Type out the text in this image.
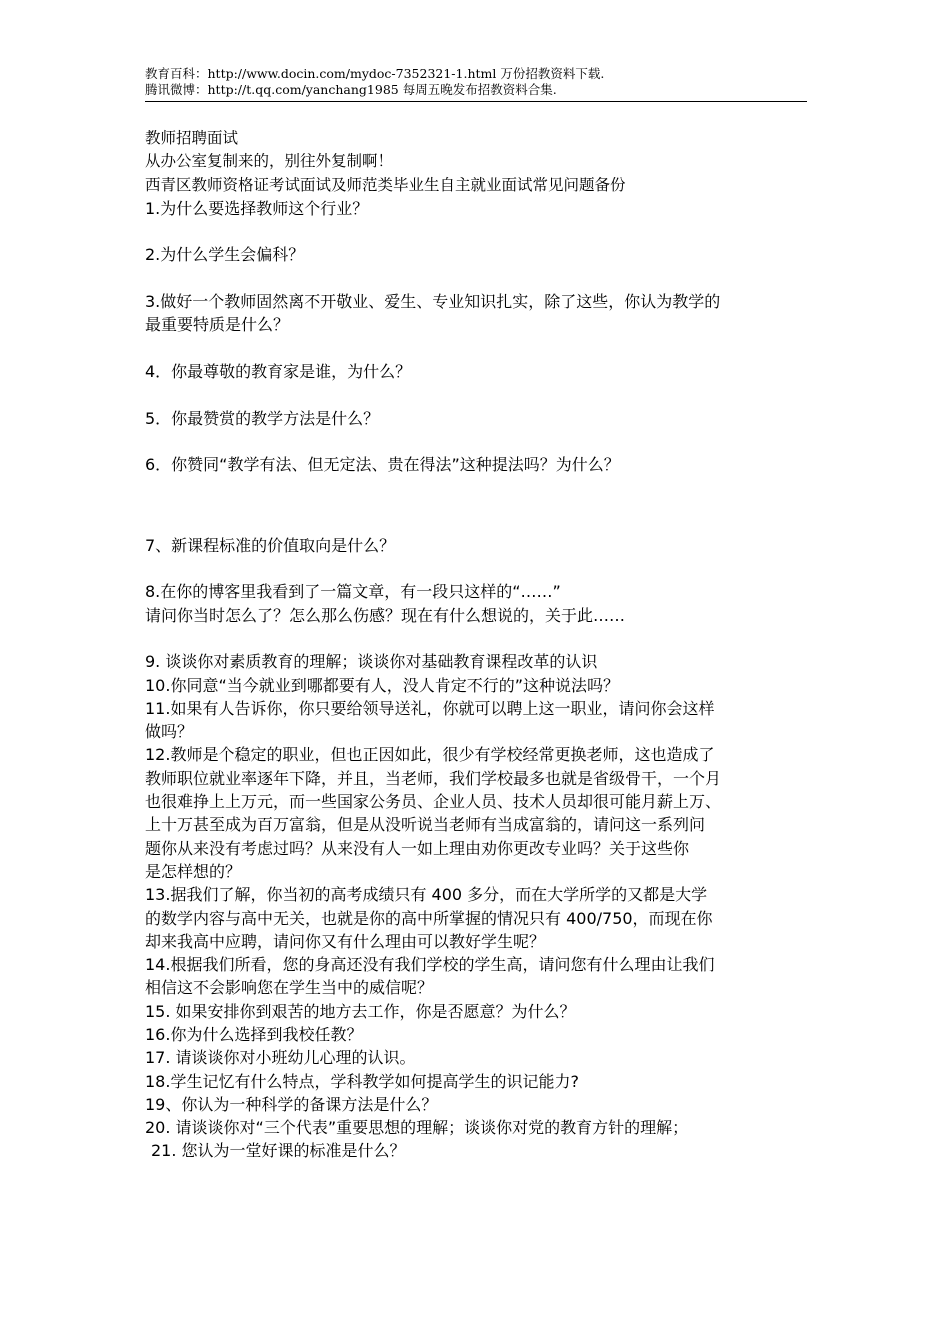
教育百科：http://www.docin.com/mydoc-7352321-1.html 万份招教资料下载.
腾讯微博：http://t.qq.com/yanchang1985 每周五晚发布招教资料合集.

教师招聘面试

从办公室复制来的，别往外复制啊！

西青区教师资格证考试面试及师范类毕业生自主就业面试常见问题备份

1.为什么要选择教师这个行业？

2.为什么学生会偏科？

3.做好一个教师固然离不开敬业、爱生、专业知识扎实，除了这些，你认为教学的

最重要特质是什么？

4．你最尊敬的教育家是谁，为什么？

5．你最赞赏的教学方法是什么？

6．你赞同“教学有法、但无定法、贵在得法”这种提法吗？为什么？

7、新课程标准的价值取向是什么？

8.在你的博客里我看到了一篇文章，有一段只这样的“……”

请问你当时怎么了？怎么那么伤感？现在有什么想说的，关于此……

9. 谈谈你对素质教育的理解；谈谈你对基础教育课程改革的认识

10.你同意“当今就业到哪都要有人，没人肯定不行的”这种说法吗？

11.如果有人告诉你，你只要给领导送礼，你就可以聘上这一职业，请问你会这样

做吗？

12.教师是个稳定的职业，但也正因如此，很少有学校经常更换老师，这也造成了

教师职位就业率逐年下降，并且，当老师，我们学校最多也就是省级骨干，一个月

也很难挣上上万元，而一些国家公务员、企业人员、技术人员却很可能月薪上万、

上十万甚至成为百万富翁，但是从没听说当老师有当成富翁的，请问这一系列问

题你从来没有考虑过吗？从来没有人一如上理由劝你更改专业吗？关于这些你

是怎样想的？

13.据我们了解，你当初的高考成绩只有 400 多分，而在大学所学的又都是大学

的数学内容与高中无关，也就是你的高中所掌握的情况只有 400/750，而现在你

却来我高中应聘，请问你又有什么理由可以教好学生呢？

14.根据我们所看，您的身高还没有我们学校的学生高，请问您有什么理由让我们

相信这不会影响您在学生当中的威信呢？

15. 如果安排你到艰苦的地方去工作，你是否愿意？为什么？

16.你为什么选择到我校任教？

17. 请谈谈你对小班幼儿心理的认识。

18.学生记忆有什么特点，学科教学如何提高学生的识记能力?

19、你认为一种科学的备课方法是什么？

20. 请谈谈你对“三个代表”重要思想的理解；谈谈你对党的教育方针的理解；

21. 您认为一堂好课的标准是什么？
